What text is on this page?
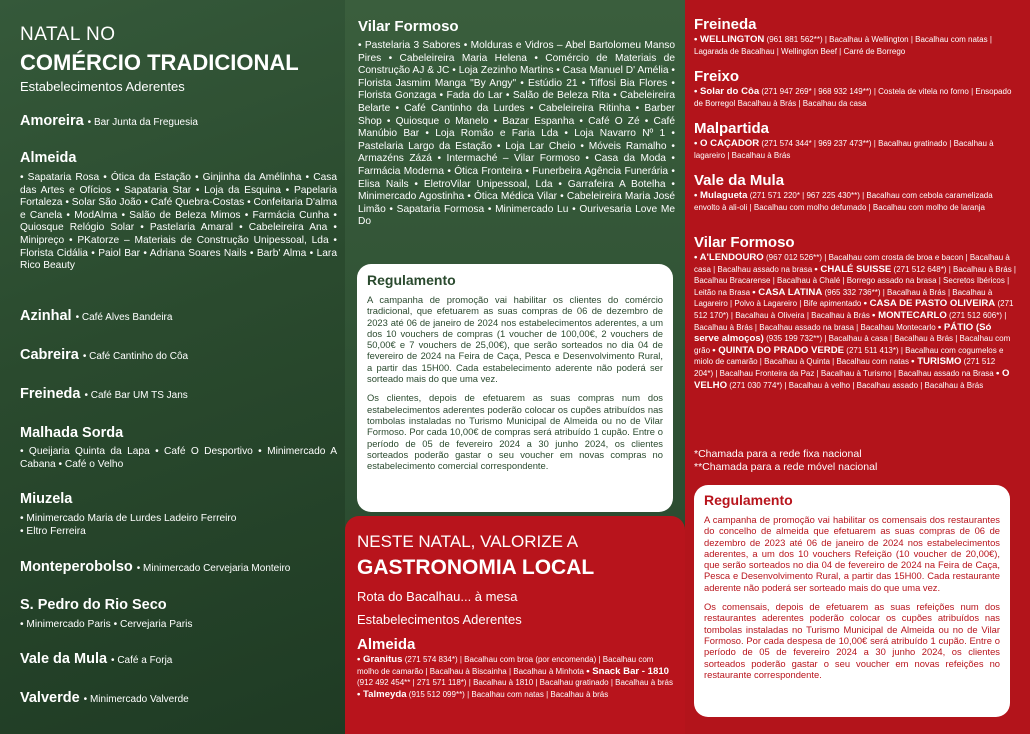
NATAL NO
COMÉRCIO TRADICIONAL
Estabelecimentos Aderentes
Amoreira • Bar Junta da Freguesia
Almeida
• Sapataria Rosa • Ótica da Estação • Ginjinha da Amélinha • Casa das Artes e Ofícios • Sapataria Star • Loja da Esquina • Papelaria Fortaleza • Solar São João • Café Quebra-Costas • Confeitaria D'alma e Canela • ModAlma • Salão de Beleza Mimos • Farmácia Cunha • Quiosque Relógio Solar • Pastelaria Amaral • Cabeleireira Ana • Minipreço • PKatorze – Materiais de Construção Unipessoal, Lda • Florista Cidália • Paiol Bar • Adriana Soares Nails • Barb' Alma • Lara Rico Beauty
Azinhal • Café Alves Bandeira
Cabreira • Café Cantinho do Côa
Freineda • Café Bar UM TS Jans
Malhada Sorda
• Queijaria Quinta da Lapa • Café O Desportivo • Minimercado A Cabana • Café o Velho
Miuzela
• Minimercado Maria de Lurdes Ladeiro Ferreiro
• Eltro Ferreira
Monteperobolso • Minimercado Cervejaria Monteiro
S. Pedro do Rio Seco
• Minimercado Paris • Cervejaria Paris
Vale da Mula • Café a Forja
Valverde • Minimercado Valverde
Vilar Formoso
• Pastelaria 3 Sabores • Molduras e Vidros – Abel Bartolomeu Manso Pires • Cabeleireira Maria Helena • Comércio de Materiais de Construção AJ & JC • Loja Zezinho Martins • Casa Manuel D' Amélia • Florista Jasmim Manga "By Angy" • Estúdio 21 • Tiffosi Bia Flores • Florista Gonzaga • Fada do Lar • Salão de Beleza Rita • Cabeleireira Belarte • Café Cantinho da Lurdes • Cabeleireira Ritinha • Barber Shop • Quiosque o Manelo • Bazar Espanha • Café O Zé • Café Manúbio Bar • Loja Romão e Faria Lda • Loja Navarro Nº 1 • Pastelaria Largo da Estação • Loja Lar Cheio • Móveis Ramalho • Armazéns Zázá • Intermaché – Vilar Formoso • Casa da Moda • Farmácia Moderna • Ótica Fronteira • Funerbeira Agência Funerária • Elisa Nails • EletroVilar Unipessoal, Lda • Garrafeira A Botelha • Minimercado Agostinha • Ótica Médica Vilar • Cabeleireira Maria José Limão • Sapataria Formosa • Minimercado Lu • Ourivesaria Love Me Do
Regulamento

A campanha de promoção vai habilitar os clientes do comércio tradicional, que efetuarem as suas compras de 06 de dezembro de 2023 até 06 de janeiro de 2024 nos estabelecimentos aderentes, a um dos 10 vouchers de compras (1 voucher de 100,00€, 2 vouchers de 50,00€ e 7 vouchers de 25,00€), que serão sorteados no dia 04 de fevereiro de 2024 na Feira de Caça, Pesca e Desenvolvimento Rural, a partir das 15H00. Cada estabelecimento aderente não poderá ser sorteado mais do que uma vez.

Os clientes, depois de efetuarem as suas compras num dos estabelecimentos aderentes poderão colocar os cupões atribuídos nas tombolas instaladas no Turismo Municipal de Almeida ou no de Vilar Formoso. Por cada 10,00€ de compras será atribuído 1 cupão. Entre o período de 05 de fevereiro 2024 a 30 junho 2024, os clientes sorteados poderão gastar o seu voucher em novas compras no estabelecimento comercial correspondente.

NESTE NATAL, VALORIZE A
GASTRONOMIA LOCAL
Rota do Bacalhau... à mesa
Estabelecimentos Aderentes
Almeida
• Granitus (271 574 834*) | Bacalhau com broa (por encomenda) | Bacalhau com molho de camarão | Bacalhau à Biscainha | Bacalhau à Minhota • Snack Bar - 1810 (912 492 454** | 271 571 118*) | Bacalhau à 1810 | Bacalhau gratinado | Bacalhau à brás • Talmeyda (915 512 099**) | Bacalhau com natas | Bacalhau à brás
Freineda
• WELLINGTON (961 881 562**) | Bacalhau à Wellington | Bacalhau com natas | Lagarada de Bacalhau | Wellington Beef | Carré de Borrego
Freixo
• Solar do Côa (271 947 269* | 968 932 149**) | Costela de vitela no forno | Ensopado de Borregol Bacalhau à Brás | Bacalhau da casa
Malpartida
• O CAÇADOR (271 574 344* | 969 237 473**) | Bacalhau gratinado | Bacalhau à lagareiro | Bacalhau à Brás
Vale da Mula
• Mulagueta (271 571 220* | 967 225 430**) | Bacalhau com cebola caramelizada envolto à ali-oli | Bacalhau com molho defumado | Bacalhau com molho de laranja
Vilar Formoso
• A'LENDOURO (967 012 526**) | Bacalhau com crosta de broa e bacon | Bacalhau à casa | Bacalhau assado na brasa • CHALÉ SUISSE (271 512 648*) | Bacalhau à Brás | Bacalhau Bracarense | Bacalhau à Chalé | Borrego assado na brasa | Secretos Ibéricos | Leitão na Brasa • CASA LATINA (965 332 736**) | Bacalhau à Brás | Bacalhau à Lagareiro | Polvo à Lagareiro | Bife apimentado • CASA DE PASTO OLIVEIRA (271 512 170*) | Bacalhau à Oliveira | Bacalhau à Brás • MONTECARLO (271 512 606*) | Bacalhau à Brás | Bacalhau assado na brasa | Bacalhau Montecarlo • PÁTIO (Só serve almoços) (935 199 732**) | Bacalhau à casa | Bacalhau à Brás | Bacalhau com grão • QUINTA DO PRADO VERDE (271 511 413*) | Bacalhau com cogumelos e miolo de camarão | Bacalhau à Quinta | Bacalhau com natas • TURISMO (271 512 204*) | Bacalhau Fronteira da Paz | Bacalhau à Turismo | Bacalhau assado na Brasa • O VELHO (271 030 774*) | Bacalhau à velho | Bacalhau assado | Bacalhau à Brás
*Chamada para a rede fixa nacional
**Chamada para a rede móvel nacional
Regulamento

A campanha de promoção vai habilitar os comensais dos restaurantes do concelho de almeida que efetuarem as suas compras de 06 de dezembro de 2023 até 06 de janeiro de 2024 nos estabelecimentos aderentes, a um dos 10 vouchers Refeição (10 voucher de 20,00€), que serão sorteados no dia 04 de fevereiro de 2024 na Feira de Caça, Pesca e Desenvolvimento Rural, a partir das 15H00. Cada restaurante aderente não poderá ser sorteado mais do que uma vez.

Os comensais, depois de efetuarem as suas refeições num dos restaurantes aderentes poderão colocar os cupões atribuídos nas tombolas instaladas no Turismo Municipal de Almeida ou no de Vilar Formoso. Por cada despesa de 10,00€ será atribuído 1 cupão. Entre o período de 05 de fevereiro 2024 a 30 junho 2024, os clientes sorteados poderão gastar o seu voucher em novas refeições no restaurante correspondente.
